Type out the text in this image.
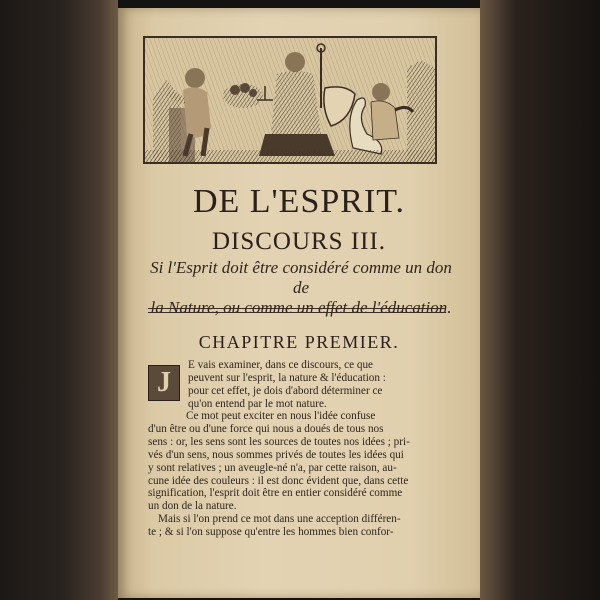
DE L'ESPRIT.
DISCOURS III.
Si l'Esprit doit être considéré comme un don de
la Nature, ou comme un effet de l'éducation.
CHAPITRE PREMIER.
J
E vais examiner, dans ce discours, ce que
peuvent sur l'esprit, la nature & l'éducation :
pour cet effet, je dois d'abord déterminer ce
qu'on entend par le mot nature.
Ce mot peut exciter en nous l'idée confuse
d'un être ou d'une force qui nous a doués de tous nos
sens : or, les sens sont les sources de toutes nos idées ; pri-
vés d'un sens, nous sommes privés de toutes les idées qui
y sont relatives ; un aveugle-né n'a, par cette raison, au-
cune idée des couleurs : il est donc évident que, dans cette
signification, l'esprit doit être en entier considéré comme
un don de la nature.
Mais si l'on prend ce mot dans une acception différen-
te ; & si l'on suppose qu'entre les hommes bien confor-
